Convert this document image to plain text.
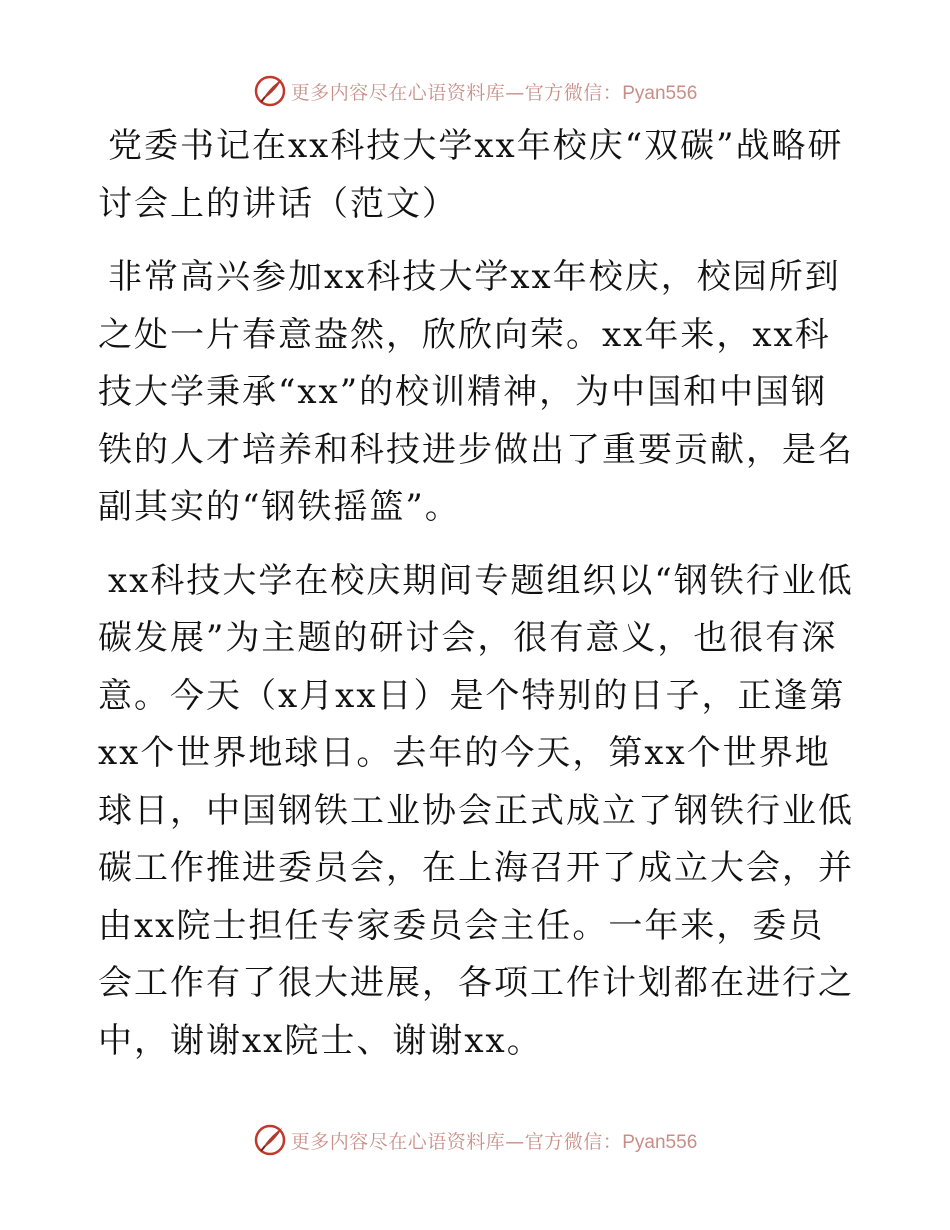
更多内容尽在心语资料库—官方微信：Pyan556

党委书记在xx科技大学xx年校庆“双碳”战略研讨会上的讲话（范文）

非常高兴参加xx科技大学xx年校庆，校园所到之处一片春意盎然，欣欣向荣。xx年来，xx科技大学秉承“xx”的校训精神，为中国和中国钢铁的人才培养和科技进步做出了重要贡献，是名副其实的“钢铁摇篮”。

xx科技大学在校庆期间专题组织以“钢铁行业低碳发展”为主题的研讨会，很有意义，也很有深意。今天（x月xx日）是个特别的日子，正逢第xx个世界地球日。去年的今天，第xx个世界地球日，中国钢铁工业协会正式成立了钢铁行业低碳工作推进委员会，在上海召开了成立大会，并由xx院士担任专家委员会主任。一年来，委员会工作有了很大进展，各项工作计划都在进行之中，谢谢xx院士、谢谢xx。

更多内容尽在心语资料库—官方微信：Pyan556
